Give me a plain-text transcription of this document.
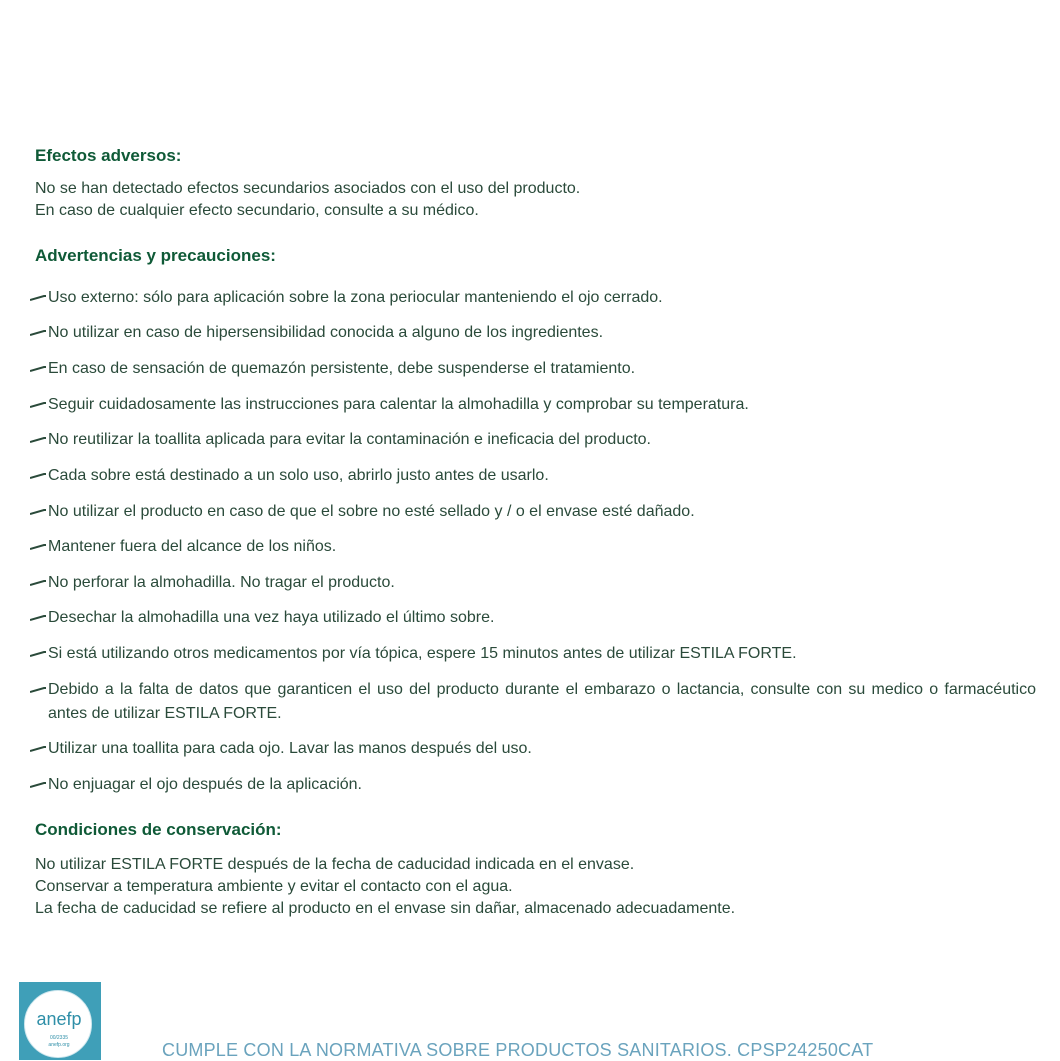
Efectos adversos:
No se han detectado efectos secundarios asociados con el uso del producto.
En caso de cualquier efecto secundario, consulte a su médico.
Advertencias y precauciones:
Uso externo: sólo para aplicación sobre la zona periocular manteniendo el ojo cerrado.
No utilizar en caso de hipersensibilidad conocida a alguno de los ingredientes.
En caso de sensación de quemazón persistente, debe suspenderse el tratamiento.
Seguir cuidadosamente las instrucciones para calentar la almohadilla y comprobar su temperatura.
No reutilizar la toallita aplicada para evitar la contaminación e ineficacia del producto.
Cada sobre está destinado a un solo uso, abrirlo justo antes de usarlo.
No utilizar el producto en caso de que el sobre no esté sellado y / o el envase esté dañado.
Mantener fuera del alcance de los niños.
No perforar la almohadilla. No tragar el producto.
Desechar la almohadilla una vez haya utilizado el último sobre.
Si está utilizando otros medicamentos por vía tópica, espere 15 minutos antes de utilizar ESTILA FORTE.
Debido a la falta de datos que garanticen el uso del producto durante el embarazo o lactancia, consulte con su medico o farmacéutico antes de utilizar ESTILA FORTE.
Utilizar una toallita para cada ojo. Lavar las manos después del uso.
No enjuagar el ojo después de la aplicación.
Condiciones de conservación:
No utilizar ESTILA FORTE después de la fecha de caducidad indicada en el envase.
Conservar a temperatura ambiente y evitar el contacto con el agua.
La fecha de caducidad se refiere al producto en el envase sin dañar, almacenado adecuadamente.
anefp
00/2335
anefp.org	CUMPLE CON LA NORMATIVA SOBRE PRODUCTOS SANITARIOS. CPSP24250CAT
